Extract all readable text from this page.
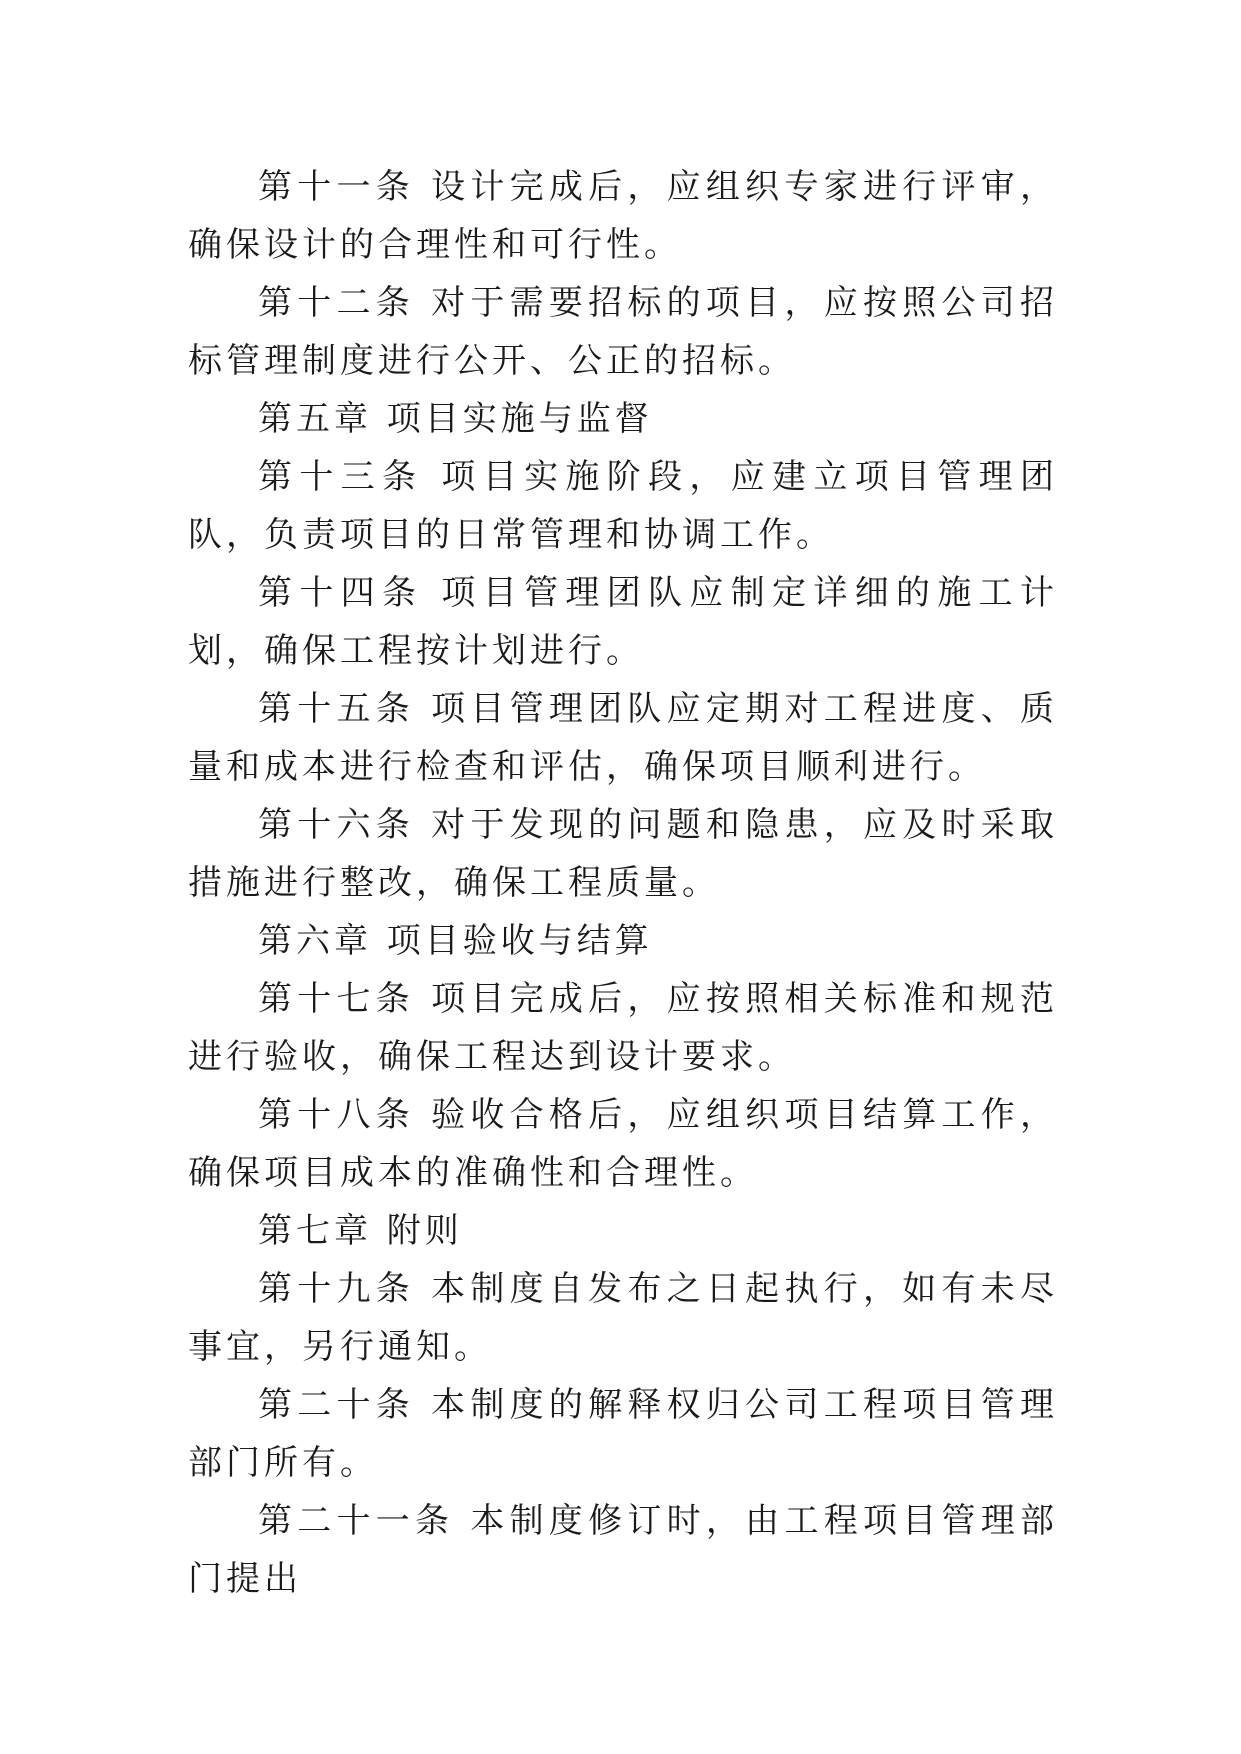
第十一条 设计完成后，应组织专家进行评审，确保设计的合理性和可行性。

第十二条 对于需要招标的项目，应按照公司招标管理制度进行公开、公正的招标。

第五章 项目实施与监督

第十三条 项目实施阶段，应建立项目管理团队，负责项目的日常管理和协调工作。

第十四条 项目管理团队应制定详细的施工计划，确保工程按计划进行。

第十五条 项目管理团队应定期对工程进度、质量和成本进行检查和评估，确保项目顺利进行。

第十六条 对于发现的问题和隐患，应及时采取措施进行整改，确保工程质量。

第六章 项目验收与结算

第十七条 项目完成后，应按照相关标准和规范进行验收，确保工程达到设计要求。

第十八条 验收合格后，应组织项目结算工作，确保项目成本的准确性和合理性。

第七章 附则

第十九条 本制度自发布之日起执行，如有未尽事宜，另行通知。

第二十条 本制度的解释权归公司工程项目管理部门所有。

第二十一条 本制度修订时，由工程项目管理部门提出
